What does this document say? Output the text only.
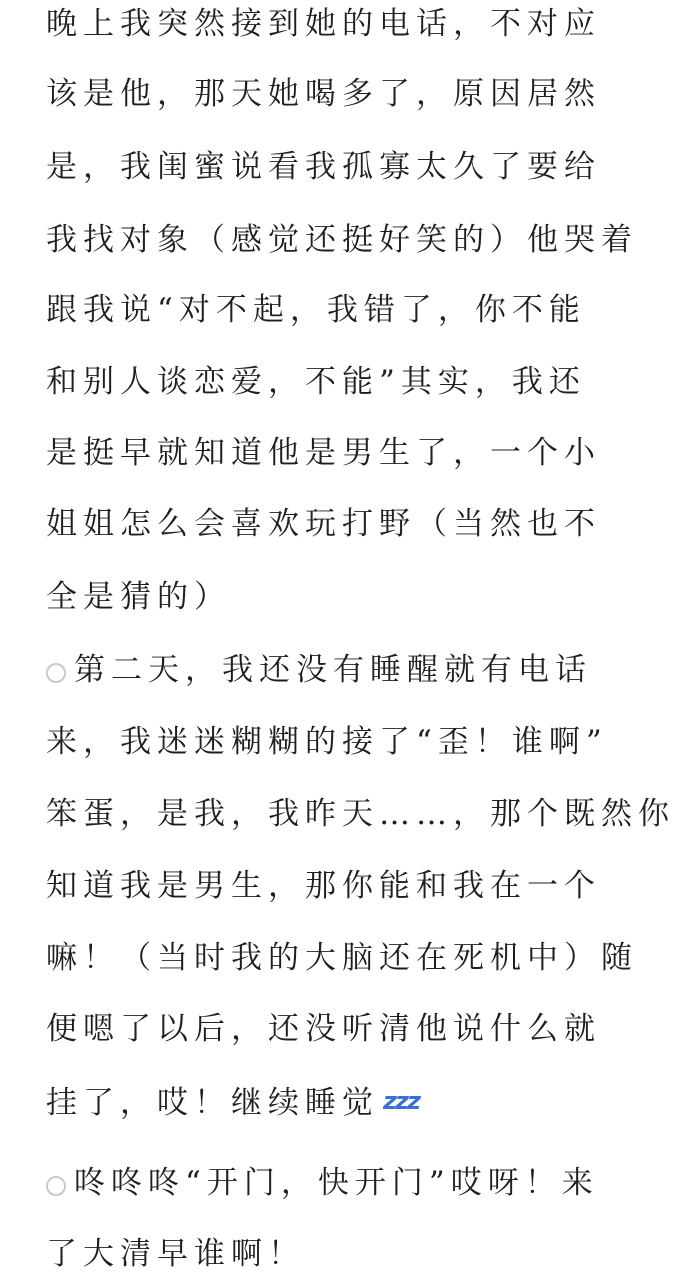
晚上我突然接到她的电话，不对应
该是他，那天她喝多了，原因居然
是，我闺蜜说看我孤寡太久了要给
我找对象（感觉还挺好笑的）他哭着
跟我说“对不起，我错了，你不能
和别人谈恋爱，不能”其实，我还
是挺早就知道他是男生了，一个小
姐姐怎么会喜欢玩打野（当然也不
全是猜的）
第二天，我还没有睡醒就有电话
来，我迷迷糊糊的接了“歪！谁啊”
笨蛋，是我，我昨天……，那个既然你
知道我是男生，那你能和我在一个
嘛！（当时我的大脑还在死机中）随
便嗯了以后，还没听清他说什么就
挂了，哎！继续睡觉 zzz
咚咚咚“开门，快开门”哎呀！来
了大清早谁啊！
